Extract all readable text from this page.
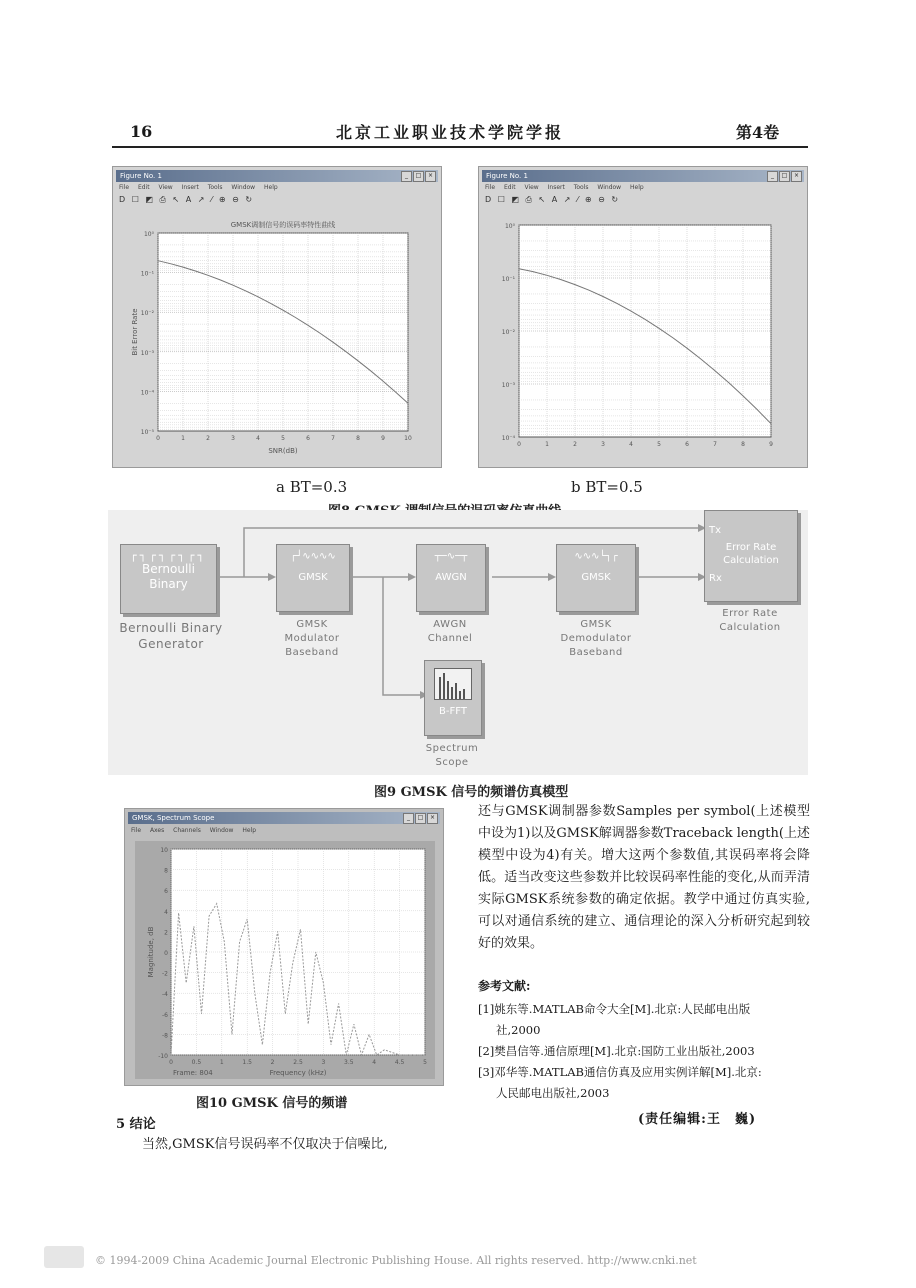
16	北京工业职业技术学院学报	第4卷
Figure No. 1	_	□	×
File Edit View Insert Tools Window Help
D ☐ ◩ ⎙ ↖ A ↗ ⁄ ⊕ ⊖ ↻
GMSK调制信号的误码率特性曲线
SNR(dB)
Bit Error Rate
10⁰
10⁻¹
10⁻²
10⁻³
10⁻⁴
10⁻⁵
0	1	2	3	4	5	6	7	8	9	10
Figure No. 1	_	□	×
File Edit View Insert Tools Window Help
D ☐ ◩ ⎙ ↖ A ↗ ⁄ ⊕ ⊖ ↻
10⁰
10⁻¹
10⁻²
10⁻³
10⁻⁴
0	1	2	3	4	5	6	7	8	9
a BT=0.3	b BT=0.5
┌┐┌┐┌┐┌┐
Bernoulli
Binary
Bernoulli Binary
Generator
┌┘∿∿∿∿
GMSK
GMSK
Modulator
Baseband
┬─∿─┬
AWGN
AWGN
Channel
∿∿∿└┐┌
GMSK
GMSK
Demodulator
Baseband
Tx
Error Rate
Calculation
Rx
Error Rate
Calculation
B-FFT
Spectrum
Scope
图9 GMSK 信号的频谱仿真模型
GMSK, Spectrum Scope	_	□	×
File Axes Channels Window Help
10
8
6
4
2
0
-2
-4
-6
-8
-10
0	0.5	1	1.5	2	2.5	3	3.5	4	4.5	5
Magnitude, dB
Frequency (kHz)
Frame: 804
图10 GMSK 信号的频谱

还与GMSK调制器参数Samples per symbol(上述模型中设为1)以及GMSK解调器参数Traceback length(上述模型中设为4)有关。增大这两个参数值,其误码率将会降低。适当改变这些参数并比较误码率性能的变化,从而弄清实际GMSK系统参数的确定依据。教学中通过仿真实验,可以对通信系统的建立、通信理论的深入分析研究起到较好的效果。

参考文献:
[1]姚东等.MATLAB命令大全[M].北京:人民邮电出版
社,2000
[2]樊昌信等.通信原理[M].北京:国防工业出版社,2003
[3]邓华等.MATLAB通信仿真及应用实例详解[M].北京:
人民邮电出版社,2003
(责任编辑:王　巍)
5 结论
当然,GMSK信号误码率不仅取决于信噪比,
© 1994-2009 China Academic Journal Electronic Publishing House. All rights reserved. http://www.cnki.net
